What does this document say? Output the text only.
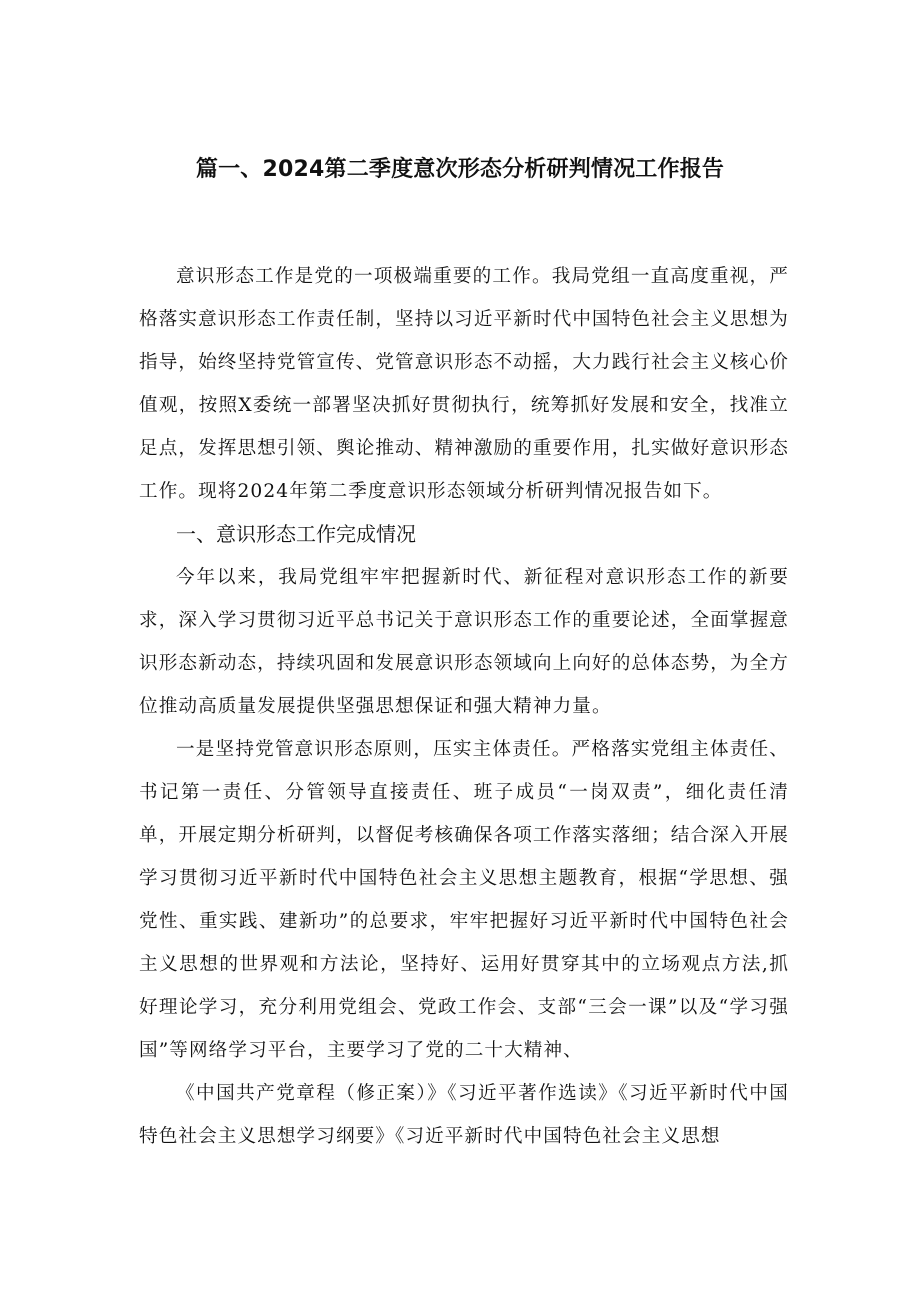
篇一、2024第二季度意次形态分析研判情况工作报告

意识形态工作是党的一项极端重要的工作。我局党组一直高度重视，严格落实意识形态工作责任制，坚持以习近平新时代中国特色社会主义思想为指导，始终坚持党管宣传、党管意识形态不动摇，大力践行社会主义核心价值观，按照X委统一部署坚决抓好贯彻执行，统筹抓好发展和安全，找准立足点，发挥思想引领、舆论推动、精神激励的重要作用，扎实做好意识形态工作。现将2024年第二季度意识形态领域分析研判情况报告如下。

一、意识形态工作完成情况

今年以来，我局党组牢牢把握新时代、新征程对意识形态工作的新要求，深入学习贯彻习近平总书记关于意识形态工作的重要论述，全面掌握意识形态新动态，持续巩固和发展意识形态领域向上向好的总体态势，为全方位推动高质量发展提供坚强思想保证和强大精神力量。

一是坚持党管意识形态原则，压实主体责任。严格落实党组主体责任、书记第一责任、分管领导直接责任、班子成员“一岗双责”，细化责任清单，开展定期分析研判，以督促考核确保各项工作落实落细；结合深入开展学习贯彻习近平新时代中国特色社会主义思想主题教育，根据“学思想、强党性、重实践、建新功”的总要求，牢牢把握好习近平新时代中国特色社会主义思想的世界观和方法论，坚持好、运用好贯穿其中的立场观点方法,抓好理论学习，充分利用党组会、党政工作会、支部“三会一课”以及“学习强国”等网络学习平台，主要学习了党的二十大精神、

《中国共产党章程（修正案）》《习近平著作选读》《习近平新时代中国特色社会主义思想学习纲要》《习近平新时代中国特色社会主义思想
